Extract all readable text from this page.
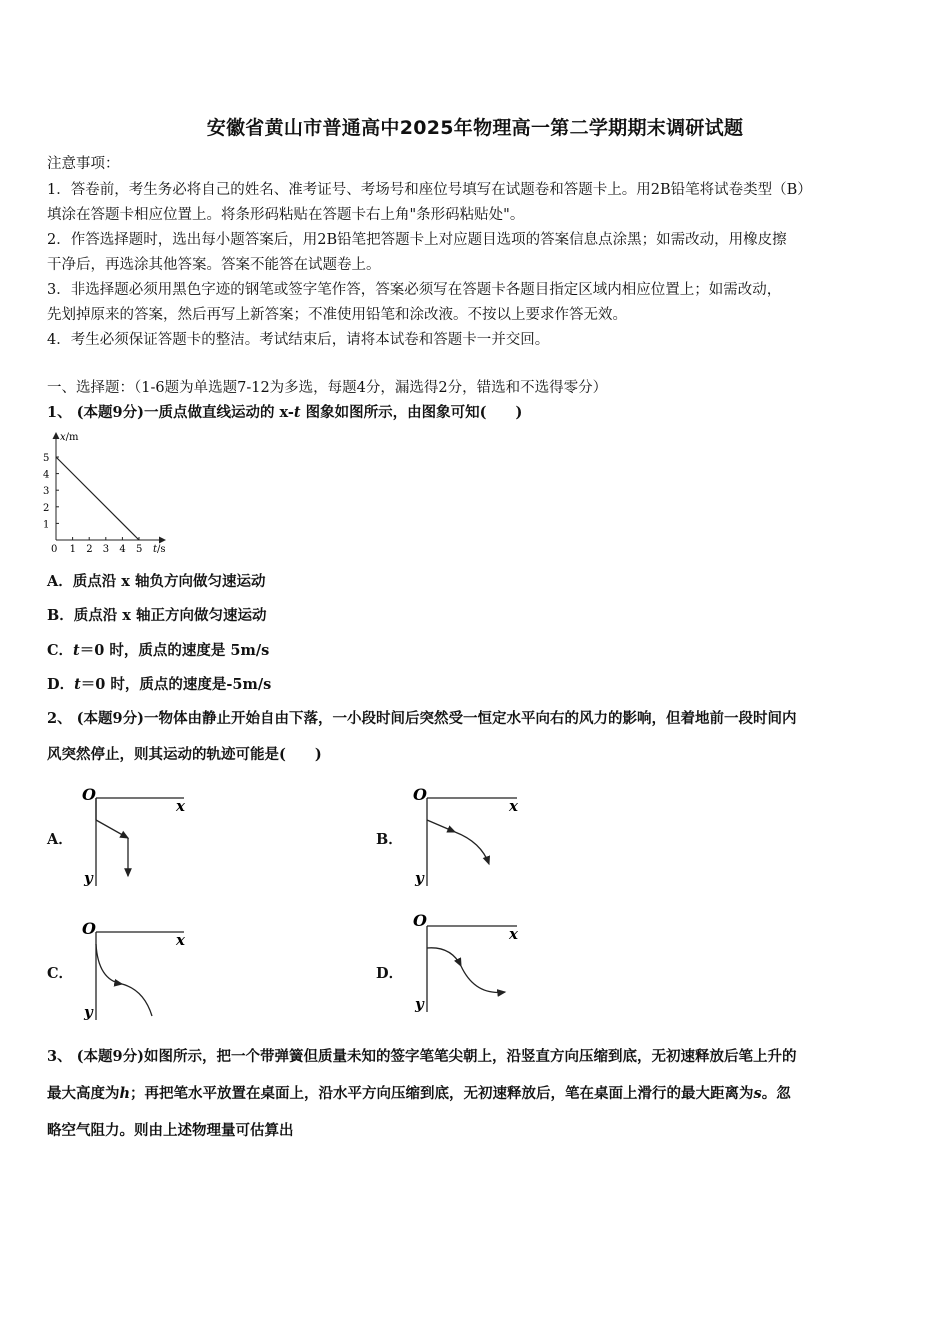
安徽省黄山市普通高中2025年物理高一第二学期期末调研试题
注意事项：
1．答卷前，考生务必将自己的姓名、准考证号、考场号和座位号填写在试题卷和答题卡上。用2B铅笔将试卷类型（B）
填涂在答题卡相应位置上。将条形码粘贴在答题卡右上角"条形码粘贴处"。
2．作答选择题时，选出每小题答案后，用2B铅笔把答题卡上对应题目选项的答案信息点涂黑；如需改动，用橡皮擦
干净后，再选涂其他答案。答案不能答在试题卷上。
3．非选择题必须用黑色字迹的钢笔或签字笔作答，答案必须写在答题卡各题目指定区域内相应位置上；如需改动，
先划掉原来的答案，然后再写上新答案；不准使用铅笔和涂改液。不按以上要求作答无效。
4．考生必须保证答题卡的整洁。考试结束后，请将本试卷和答题卡一并交回。
一、选择题：（1-6题为单选题7-12为多选，每题4分，漏选得2分，错选和不选得零分）
1、 (本题9分)一质点做直线运动的 x-t 图象如图所示，由图象可知(　　)
x/m
5
4
3
2
1
0 1 2 3 4 5 t/s
A．质点沿 x 轴负方向做匀速运动
B．质点沿 x 轴正方向做匀速运动
C．t＝0 时，质点的速度是 5m/s
D．t＝0 时，质点的速度是-5m/s
2、 (本题9分)一物体由静止开始自由下落，一小段时间后突然受一恒定水平向右的风力的影响，但着地前一段时间内
风突然停止，则其运动的轨迹可能是(　　)
A．
O
x
y
B．
O
x
y
C．
O
x
y
D．
O
x
y
3、 (本题9分)如图所示，把一个带弹簧但质量未知的签字笔笔尖朝上，沿竖直方向压缩到底，无初速释放后笔上升的
最大高度为h；再把笔水平放置在桌面上，沿水平方向压缩到底，无初速释放后，笔在桌面上滑行的最大距离为s。忽
略空气阻力。则由上述物理量可估算出
